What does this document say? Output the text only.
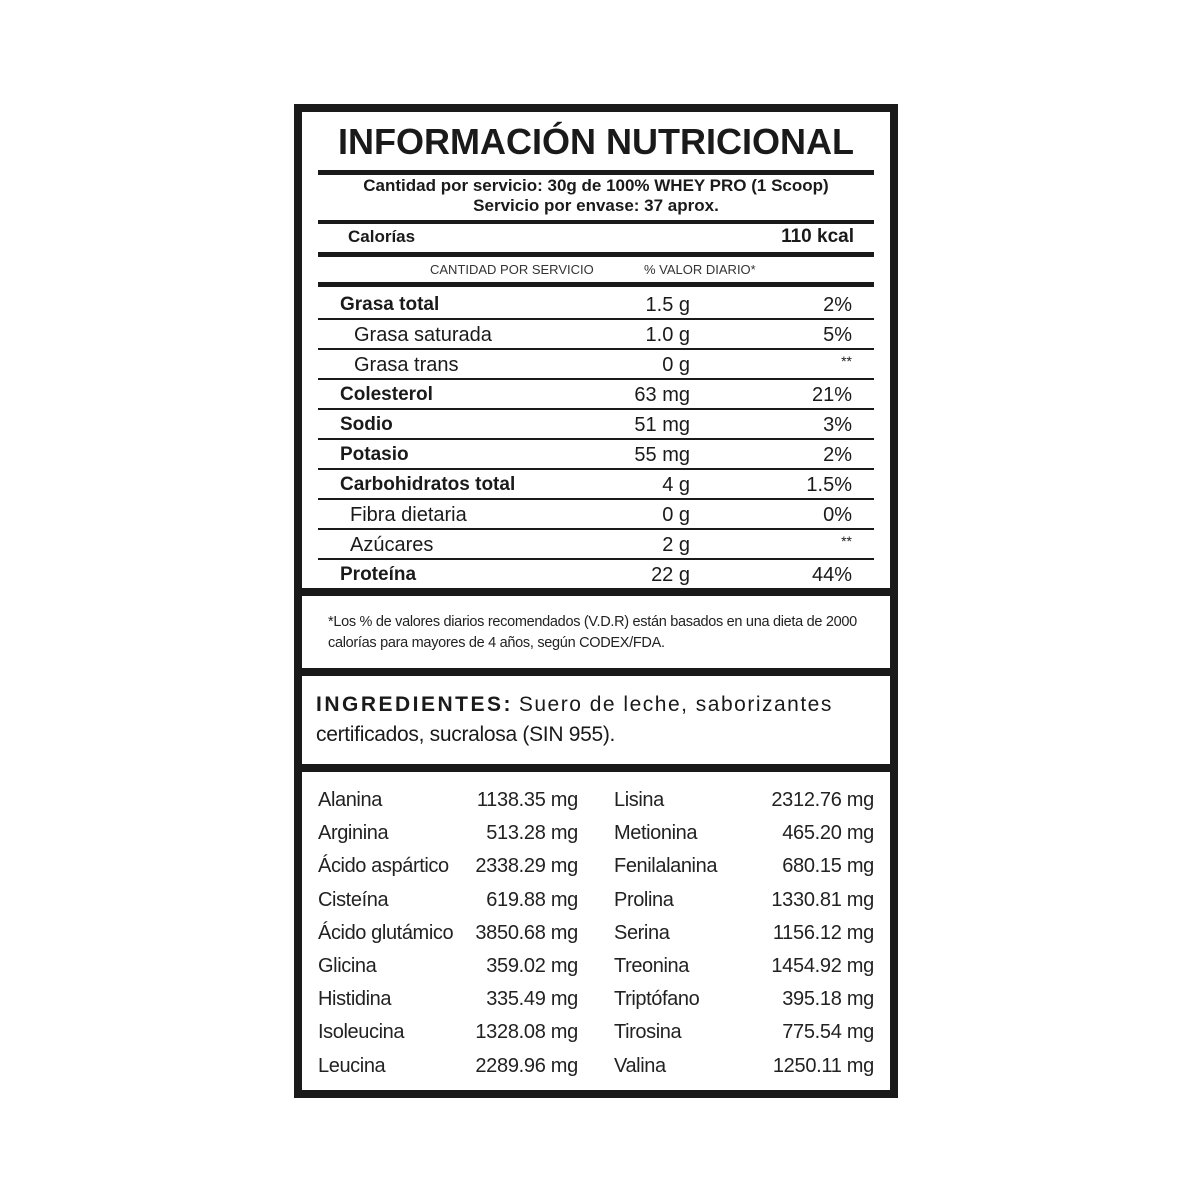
INFORMACIÓN NUTRICIONAL
Cantidad por servicio: 30g de 100% WHEY PRO (1 Scoop)
Servicio por envase: 37 aprox.
Calorías	110 kcal
CANTIDAD POR SERVICIO	% VALOR DIARIO*
Grasa total	1.5 g	2%
Grasa saturada	1.0 g	5%
Grasa trans	0 g	**
Colesterol	63 mg	21%
Sodio	51 mg	3%
Potasio	55 mg	2%
Carbohidratos total	4 g	1.5%
Fibra dietaria	0 g	0%
Azúcares	2 g	**
Proteína	22 g	44%
*Los % de valores diarios recomendados (V.D.R) están basados en una dieta de 2000 calorías para mayores de 4 años, según CODEX/FDA.
INGREDIENTES: Suero de leche, saborizantes
certificados, sucralosa (SIN 955).
Alanina	1138.35 mg
Arginina	513.28 mg
Ácido aspártico 2338.29 mg
Cisteína	619.88 mg
Ácido glutámico 3850.68 mg
Glicina	359.02 mg
Histidina	335.49 mg
Isoleucina	1328.08 mg
Leucina	2289.96 mg
Lisina	2312.76 mg
Metionina	465.20 mg
Fenilalanina	680.15 mg
Prolina	1330.81 mg
Serina	1156.12 mg
Treonina	1454.92 mg
Triptófano	395.18 mg
Tirosina	775.54 mg
Valina	1250.11 mg
